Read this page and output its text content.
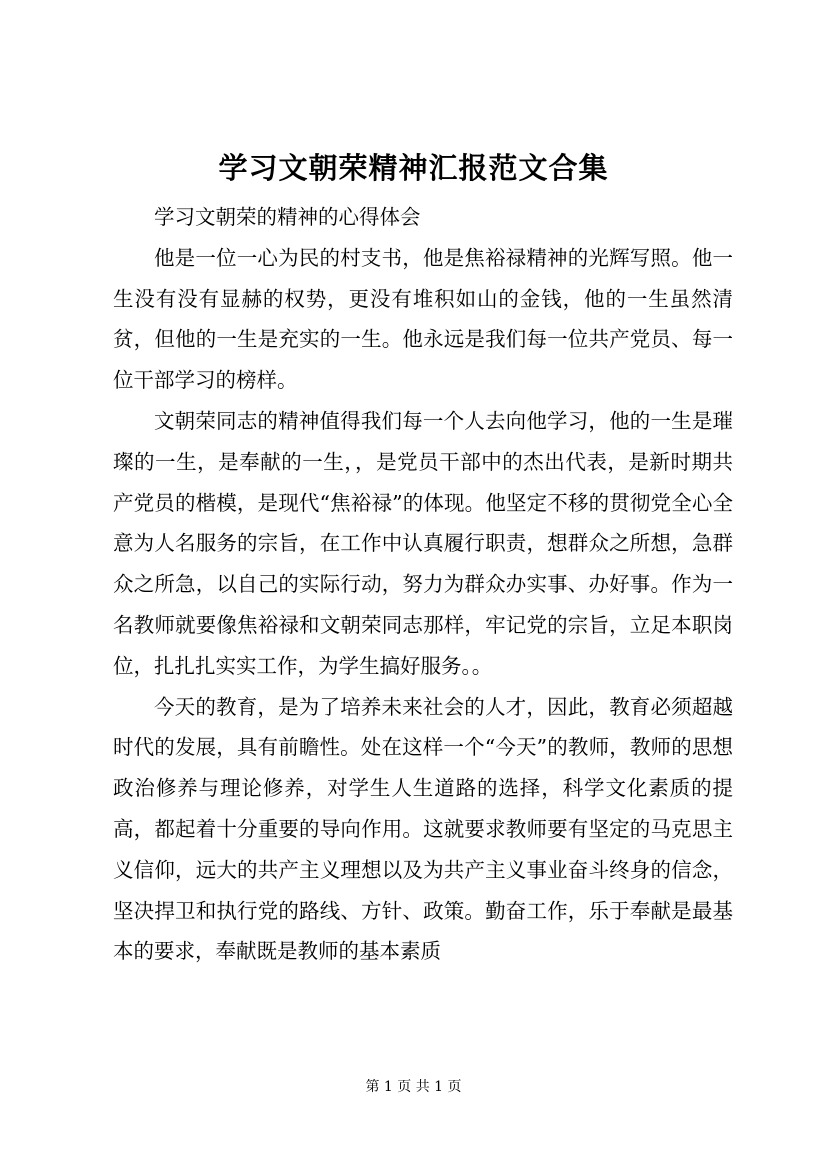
学习文朝荣精神汇报范文合集

学习文朝荣的精神的心得体会

他是一位一心为民的村支书，他是焦裕禄精神的光辉写照。他一生没有没有显赫的权势，更没有堆积如山的金钱，他的一生虽然清贫，但他的一生是充实的一生。他永远是我们每一位共产党员、每一位干部学习的榜样。

文朝荣同志的精神值得我们每一个人去向他学习，他的一生是璀璨的一生，是奉献的一生，，是党员干部中的杰出代表，是新时期共产党员的楷模，是现代“焦裕禄”的体现。他坚定不移的贯彻党全心全意为人名服务的宗旨，在工作中认真履行职责，想群众之所想，急群众之所急，以自己的实际行动，努力为群众办实事、办好事。作为一名教师就要像焦裕禄和文朝荣同志那样，牢记党的宗旨，立足本职岗位，扎扎扎实实工作，为学生搞好服务。。

今天的教育，是为了培养未来社会的人才，因此，教育必须超越时代的发展，具有前瞻性。处在这样一个“今天”的教师，教师的思想政治修养与理论修养，对学生人生道路的选择，科学文化素质的提高，都起着十分重要的导向作用。这就要求教师要有坚定的马克思主义信仰，远大的共产主义理想以及为共产主义事业奋斗终身的信念，坚决捍卫和执行党的路线、方针、政策。勤奋工作，乐于奉献是最基本的要求，奉献既是教师的基本素质

第 1 页 共 1 页
